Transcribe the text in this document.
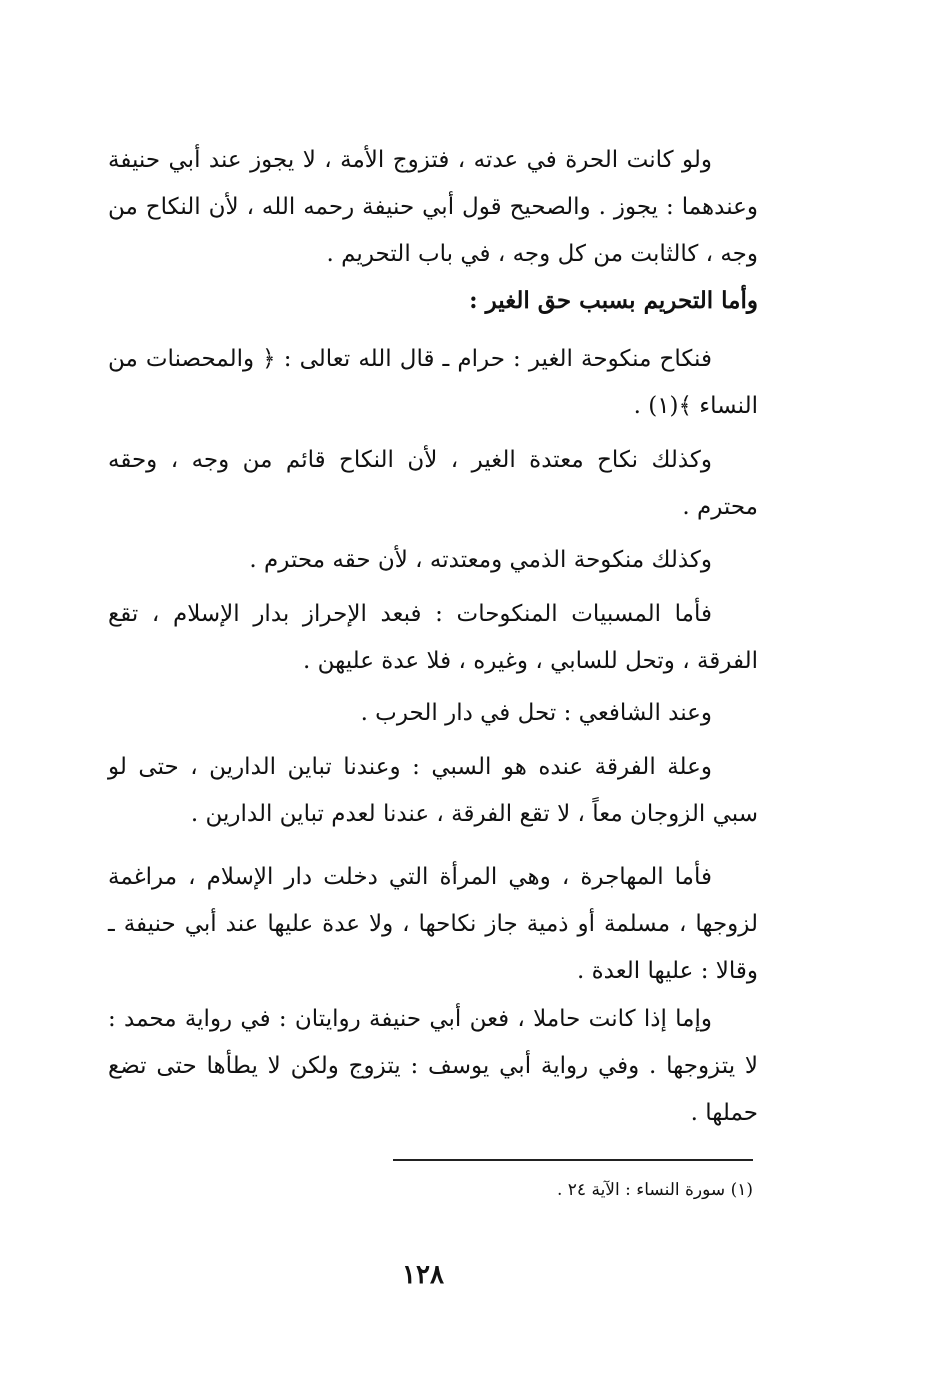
ولو كانت الحرة في عدته ، فتزوج الأمة ، لا يجوز عند أبي حنيفة وعندهما : يجوز . والصحيح قول أبي حنيفة رحمه الله ، لأن النكاح من وجه ، كالثابت من كل وجه ، في باب التحريم .

وأما التحريم بسبب حق الغير :

فنكاح منكوحة الغير : حرام ـ قال الله تعالى : ﴿ والمحصنات من النساء ﴾(١) .

وكذلك نكاح معتدة الغير ، لأن النكاح قائم من وجه ، وحقه محترم .

وكذلك منكوحة الذمي ومعتدته ، لأن حقه محترم .

فأما المسبيات المنكوحات : فبعد الإحراز بدار الإسلام ، تقع الفرقة ، وتحل للسابي ، وغيره ، فلا عدة عليهن .

وعند الشافعي : تحل في دار الحرب .

وعلة الفرقة عنده هو السبي : وعندنا تباين الدارين ، حتى لو سبي الزوجان معاً ، لا تقع الفرقة ، عندنا لعدم تباين الدارين .

فأما المهاجرة ، وهي المرأة التي دخلت دار الإسلام ، مراغمة لزوجها ، مسلمة أو ذمية جاز نكاحها ، ولا عدة عليها عند أبي حنيفة ـ وقالا : عليها العدة .

وإما إذا كانت حاملا ، فعن أبي حنيفة روايتان : في رواية محمد : لا يتزوجها . وفي رواية أبي يوسف : يتزوج ولكن لا يطأها حتى تضع حملها .

(١) سورة النساء : الآية ٢٤ .

١٢٨
